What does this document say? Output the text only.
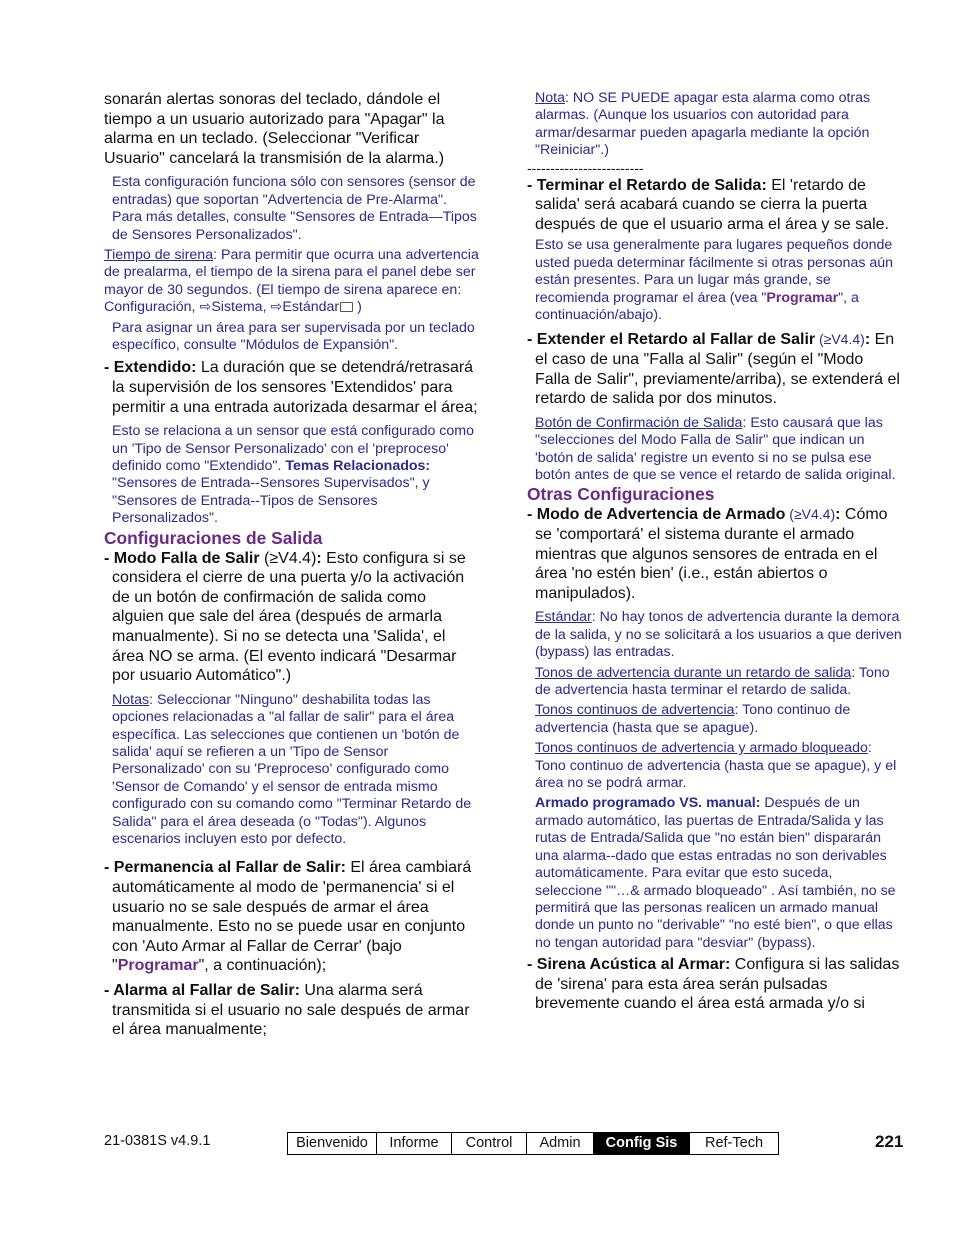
sonarán alertas sonoras del teclado, dándole el tiempo a un usuario autorizado para "Apagar" la alarma en un teclado. (Seleccionar "Verificar Usuario" cancelará la transmisión de la alarma.)

Esta configuración funciona sólo con sensores (sensor de entradas) que soportan "Advertencia de Pre-Alarma". Para más detalles, consulte "Sensores de Entrada—Tipos de Sensores Personalizados".

Tiempo de sirena: Para permitir que ocurra una advertencia de prealarma, el tiempo de la sirena para el panel debe ser mayor de 30 segundos. (El tiempo de sirena aparece en:
Configuración, ⇨Sistema, ⇨Estándar )

Para asignar un área para ser supervisada por un teclado específico, consulte "Módulos de Expansión".

- Extendido: La duración que se detendrá/retrasará la supervisión de los sensores 'Extendidos' para permitir a una entrada autorizada desarmar el área;

Esto se relaciona a un sensor que está configurado como un 'Tipo de Sensor Personalizado' con el 'preproceso' definido como "Extendido". Temas Relacionados: "Sensores de Entrada--Sensores Supervisados", y "Sensores de Entrada--Tipos de Sensores Personalizados".

Configuraciones de Salida

- Modo Falla de Salir (≥V4.4): Esto configura si se considera el cierre de una puerta y/o la activación de un botón de confirmación de salida como alguien que sale del área (después de armarla manualmente). Si no se detecta una 'Salida', el área NO se arma. (El evento indicará "Desarmar por usuario Automático".)

Notas: Seleccionar "Ninguno" deshabilita todas las opciones relacionadas a "al fallar de salir" para el área específica. Las selecciones que contienen un 'botón de salida' aquí se refieren a un 'Tipo de Sensor Personalizado' con su 'Preproceso' configurado como 'Sensor de Comando' y el sensor de entrada mismo configurado con su comando como "Terminar Retardo de Salida" para el área deseada (o "Todas"). Algunos escenarios incluyen esto por defecto.

- Permanencia al Fallar de Salir: El área cambiará automáticamente al modo de 'permanencia' si el usuario no se sale después de armar el área manualmente. Esto no se puede usar en conjunto con 'Auto Armar al Fallar de Cerrar' (bajo "Programar", a continuación);

- Alarma al Fallar de Salir: Una alarma será transmitida si el usuario no sale después de armar el área manualmente;

Nota: NO SE PUEDE apagar esta alarma como otras alarmas. (Aunque los usuarios con autoridad para armar/desarmar pueden apagarla mediante la opción "Reiniciar".)

-------------------------

- Terminar el Retardo de Salida: El 'retardo de salida' será acabará cuando se cierra la puerta después de que el usuario arma el área y se sale.

Esto se usa generalmente para lugares pequeños donde usted pueda determinar fácilmente si otras personas aún están presentes. Para un lugar más grande, se recomienda programar el área (vea "Programar", a continuación/abajo).

- Extender el Retardo al Fallar de Salir (≥V4.4): En el caso de una "Falla al Salir" (según el "Modo Falla de Salir", previamente/arriba), se extenderá el retardo de salida por dos minutos.

Botón de Confirmación de Salida: Esto causará que las "selecciones del Modo Falla de Salir" que indican un 'botón de salida' registre un evento si no se pulsa ese botón antes de que se vence el retardo de salida original.

Otras Configuraciones

- Modo de Advertencia de Armado (≥V4.4): Cómo se 'comportará' el sistema durante el armado mientras que algunos sensores de entrada en el área 'no estén bien' (i.e., están abiertos o manipulados).

Estándar: No hay tonos de advertencia durante la demora de la salida, y no se solicitará a los usuarios a que deriven (bypass) las entradas.

Tonos de advertencia durante un retardo de salida: Tono de advertencia hasta terminar el retardo de salida.

Tonos continuos de advertencia: Tono continuo de advertencia (hasta que se apague).

Tonos continuos de advertencia y armado bloqueado: Tono continuo de advertencia (hasta que se apague), y el área no se podrá armar.

Armado programado VS. manual: Después de un armado automático, las puertas de Entrada/Salida y las rutas de Entrada/Salida que "no están bien" dispararán una alarma--dado que estas entradas no son derivables automáticamente. Para evitar que esto suceda, seleccione ""…& armado bloqueado" . Así también, no se permitirá que las personas realicen un armado manual donde un punto no "derivable" "no esté bien", o que ellas no tengan autoridad para "desviar" (bypass).

- Sirena Acústica al Armar: Configura si las salidas de 'sirena' para esta área serán pulsadas brevemente cuando el área está armada y/o si

21-0381S v4.9.1	Bienvenido	Informe	Control	Admin	Config Sis	Ref-Tech	221
